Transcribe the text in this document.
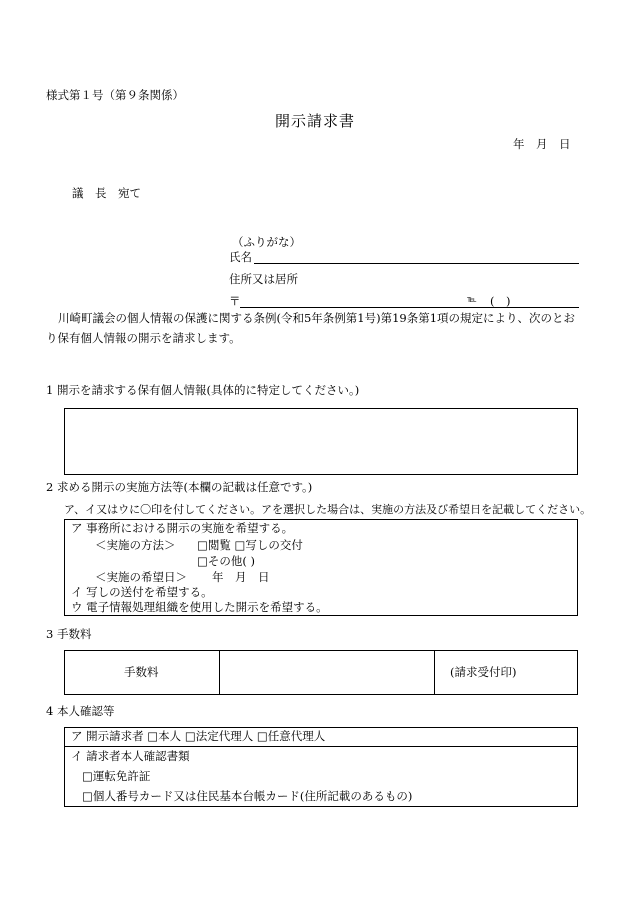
様式第１号（第９条関係）
開示請求書
年　月　日
議　長　宛て
（ふりがな）
氏名
住所又は居所
〒	℡ (　)
川崎町議会の個人情報の保護に関する条例(令和5年条例第1号)第19条第1項の規定により、次のとおり保有個人情報の開示を請求します。
1 開示を請求する保有個人情報(具体的に特定してください。)
2 求める開示の実施方法等(本欄の記載は任意です。)
ア、イ又はウに〇印を付してください。アを選択した場合は、実施の方法及び希望日を記載してください。
ア 事務所における開示の実施を希望する。
＜実施の方法＞ □閲覧 □写しの交付
□その他( )
＜実施の希望日＞ 年　月　日
イ 写しの送付を希望する。
ウ 電子情報処理組織を使用した開示を希望する。
3 手数料
手数料	(請求受付印)
4 本人確認等
ア 開示請求者 □本人 □法定代理人 □任意代理人
イ 請求者本人確認書類
□運転免許証
□個人番号カード又は住民基本台帳カード(住所記載のあるもの)
